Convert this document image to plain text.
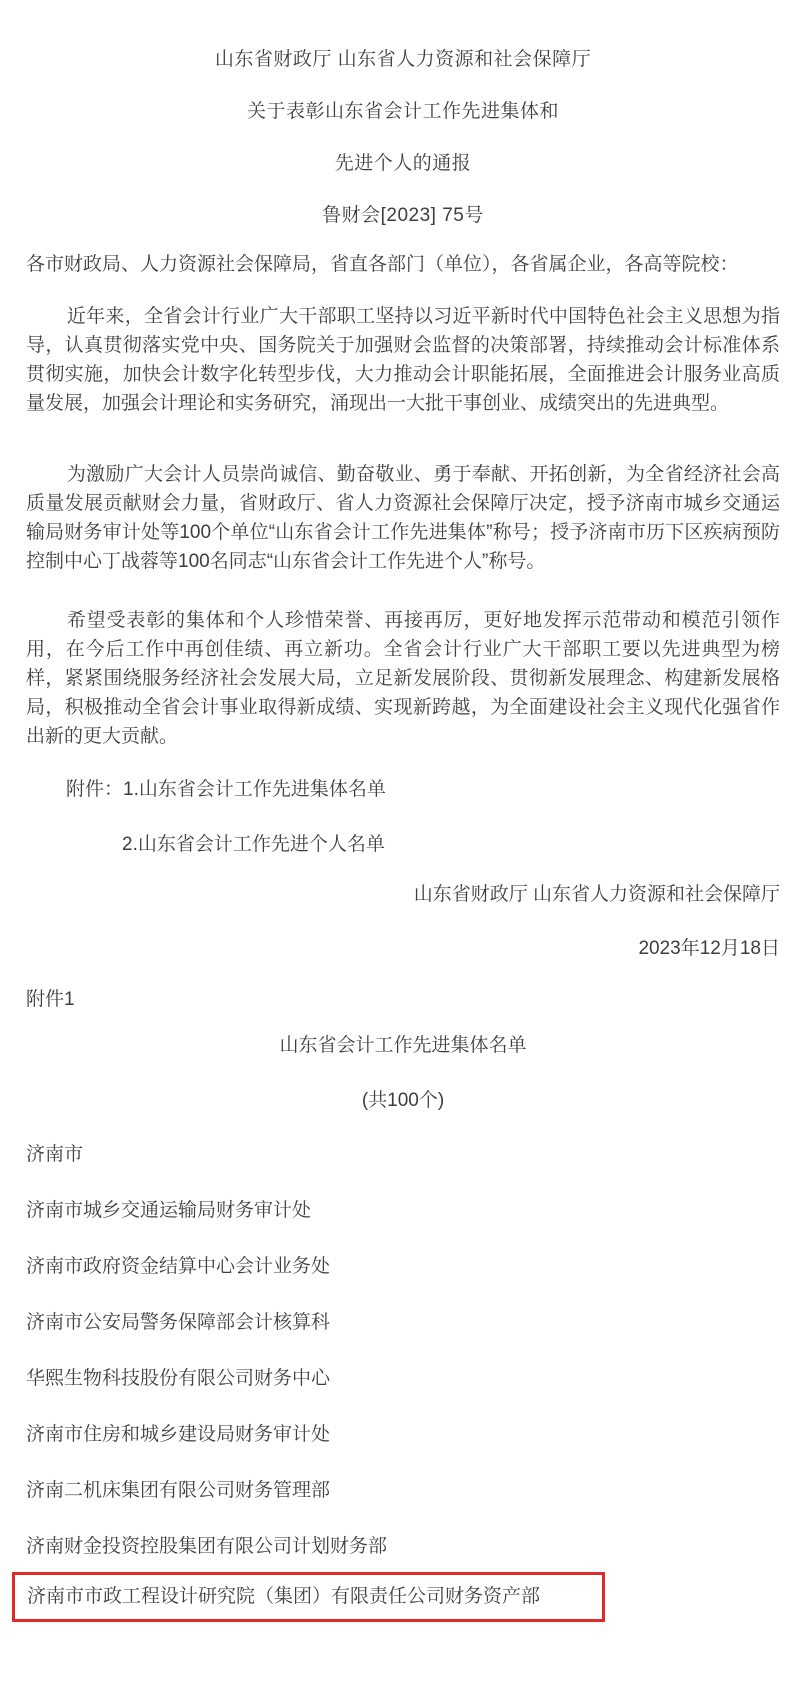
山东省财政厅 山东省人力资源和社会保障厅
关于表彰山东省会计工作先进集体和
先进个人的通报
鲁财会[2023] 75号
各市财政局、人力资源社会保障局，省直各部门（单位），各省属企业，各高等院校：

近年来，全省会计行业广大干部职工坚持以习近平新时代中国特色社会主义思想为指导，认真贯彻落实党中央、国务院关于加强财会监督的决策部署，持续推动会计标准体系贯彻实施，加快会计数字化转型步伐，大力推动会计职能拓展，全面推进会计服务业高质量发展，加强会计理论和实务研究，涌现出一大批干事创业、成绩突出的先进典型。

为激励广大会计人员崇尚诚信、勤奋敬业、勇于奉献、开拓创新，为全省经济社会高质量发展贡献财会力量，省财政厅、省人力资源社会保障厅决定，授予济南市城乡交通运输局财务审计处等100个单位“山东省会计工作先进集体”称号；授予济南市历下区疾病预防控制中心丁战蓉等100名同志“山东省会计工作先进个人”称号。

希望受表彰的集体和个人珍惜荣誉、再接再厉，更好地发挥示范带动和模范引领作用，在今后工作中再创佳绩、再立新功。全省会计行业广大干部职工要以先进典型为榜样，紧紧围绕服务经济社会发展大局，立足新发展阶段、贯彻新发展理念、构建新发展格局，积极推动全省会计事业取得新成绩、实现新跨越，为全面建设社会主义现代化强省作出新的更大贡献。

附件：1.山东省会计工作先进集体名单
2.山东省会计工作先进个人名单
山东省财政厅 山东省人力资源和社会保障厅
2023年12月18日
附件1
山东省会计工作先进集体名单
(共100个)
济南市
济南市城乡交通运输局财务审计处
济南市政府资金结算中心会计业务处
济南市公安局警务保障部会计核算科
华熙生物科技股份有限公司财务中心
济南市住房和城乡建设局财务审计处
济南二机床集团有限公司财务管理部
济南财金投资控股集团有限公司计划财务部
济南市市政工程设计研究院（集团）有限责任公司财务资产部
